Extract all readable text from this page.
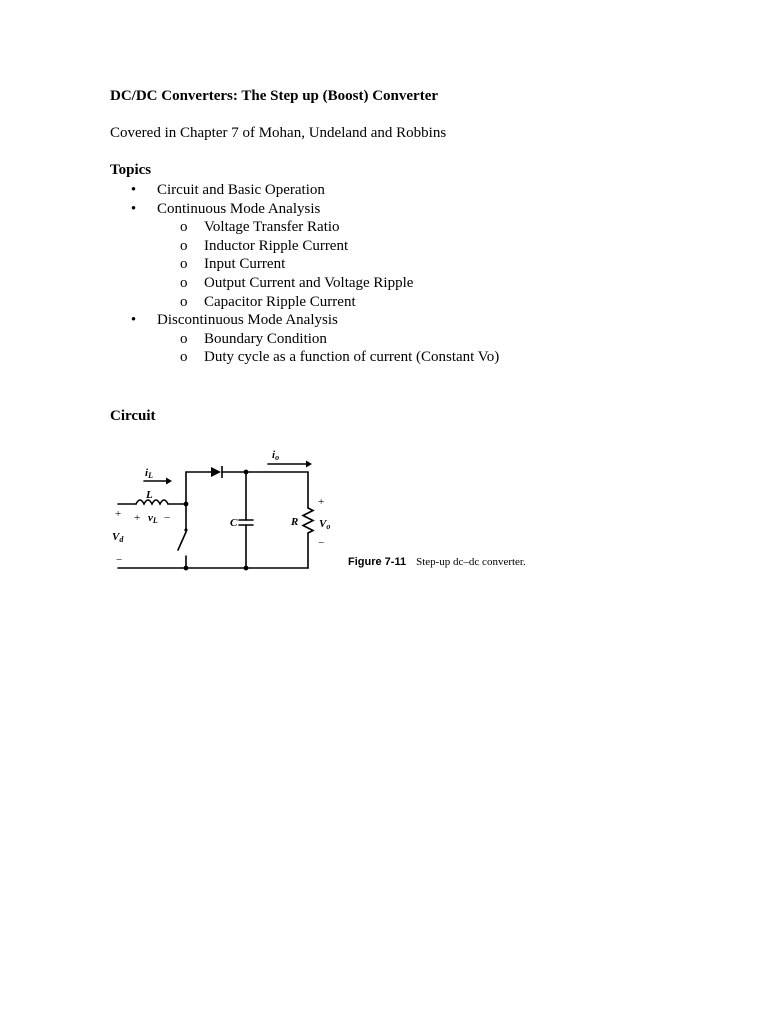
DC/DC Converters: The Step up (Boost) Converter
Covered in Chapter 7 of Mohan, Undeland and Robbins
Topics
• Circuit and Basic Operation
• Continuous Mode Analysis
o Voltage Transfer Ratio
o Inductor Ripple Current
o Input Current
o Output Current and Voltage Ripple
o Capacitor Ripple Current
• Discontinuous Mode Analysis
o Boundary Condition
o Duty cycle as a function of current (Constant Vo)
Circuit
iL
L
io
vL
Vd
C	R Vo
+ + −
−
+
−
Figure 7-11 Step-up dc–dc converter.
